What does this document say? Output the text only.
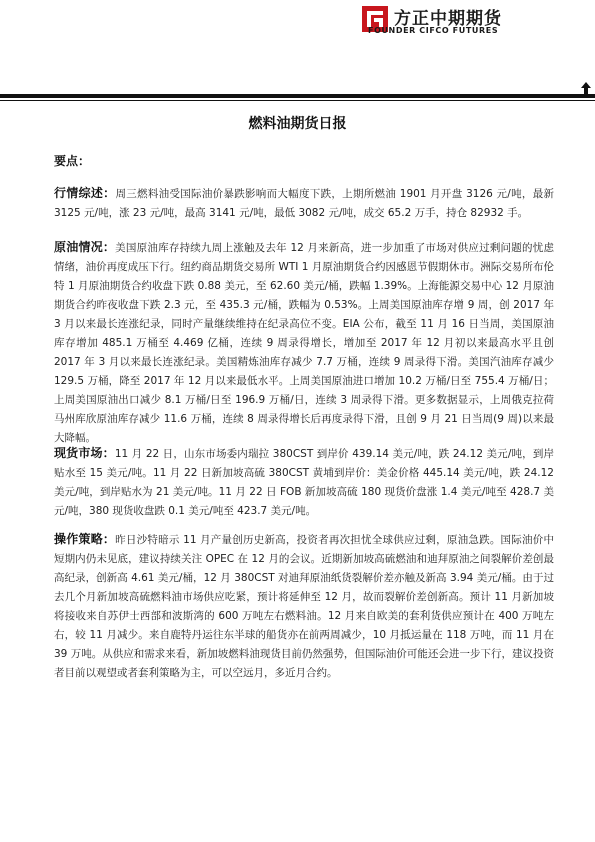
方正中期期货
FOUNDER CIFCO FUTURES
燃料油期货日报
要点：
行情综述：周三燃料油受国际油价暴跌影响而大幅度下跌，上期所燃油 1901 月开盘 3126 元/吨，最新 3125 元/吨，涨 23 元/吨，最高 3141 元/吨，最低 3082 元/吨，成交 65.2 万手，持仓 82932 手。
原油情况：美国原油库存持续九周上涨触及去年 12 月来新高，进一步加重了市场对供应过剩问题的忧虑情绪，油价再度成压下行。纽约商品期货交易所 WTI 1 月原油期货合约因感恩节假期休市。洲际交易所布伦特 1 月原油期货合约收盘下跌 0.88 美元，至 62.60 美元/桶，跌幅 1.39%。上海能源交易中心 12 月原油期货合约昨夜收盘下跌 2.3 元，至 435.3 元/桶，跌幅为 0.53%。上周美国原油库存增 9 周，创 2017 年 3 月以来最长连涨纪录，同时产量继续维持在纪录高位不变。EIA 公布，截至 11 月 16 日当周，美国原油库存增加 485.1 万桶至 4.469 亿桶，连续 9 周录得增长，增加至 2017 年 12 月初以来最高水平且创 2017 年 3 月以来最长连涨纪录。美国精炼油库存减少 7.7 万桶，连续 9 周录得下滑。美国汽油库存减少 129.5 万桶，降至 2017 年 12 月以来最低水平。上周美国原油进口增加 10.2 万桶/日至 755.4 万桶/日；上周美国原油出口减少 8.1 万桶/日至 196.9 万桶/日，连续 3 周录得下滑。更多数据显示，上周俄克拉荷马州库欣原油库存减少 11.6 万桶，连续 8 周录得增长后再度录得下滑，且创 9 月 21 日当周(9 周)以来最大降幅。
现货市场：11 月 22 日，山东市场委内瑞拉 380CST 到岸价 439.14 美元/吨，跌 24.12 美元/吨，到岸贴水至 15 美元/吨。11 月 22 日新加坡高硫 380CST 黄埔到岸价：美金价格 445.14 美元/吨，跌 24.12 美元/吨，到岸贴水为 21 美元/吨。11 月 22 日 FOB 新加坡高硫 180 现货价盘涨 1.4 美元/吨至 428.7 美元/吨，380 现货收盘跌 0.1 美元/吨至 423.7 美元/吨。
操作策略：昨日沙特暗示 11 月产量创历史新高，投资者再次担忧全球供应过剩，原油急跌。国际油价中短期内仍未见底，建议持续关注 OPEC 在 12 月的会议。近期新加坡高硫燃油和迪拜原油之间裂解价差创最高纪录，创新高 4.61 美元/桶，12 月 380CST 对迪拜原油纸货裂解价差亦触及新高 3.94 美元/桶。由于过去几个月新加坡高硫燃料油市场供应吃紧，预计将延伸至 12 月，故而裂解价差创新高。预计 11 月新加坡将接收来自苏伊士西部和波斯湾的 600 万吨左右燃料油。12 月来自欧美的套利货供应预计在 400 万吨左右，较 11 月减少。来自鹿特丹运往东半球的船货亦在前两周减少，10 月抵运量在 118 万吨，而 11 月在 39 万吨。从供应和需求来看，新加坡燃料油现货目前仍然强势，但国际油价可能还会进一步下行，建议投资者目前以观望或者套利策略为主，可以空远月，多近月合约。
